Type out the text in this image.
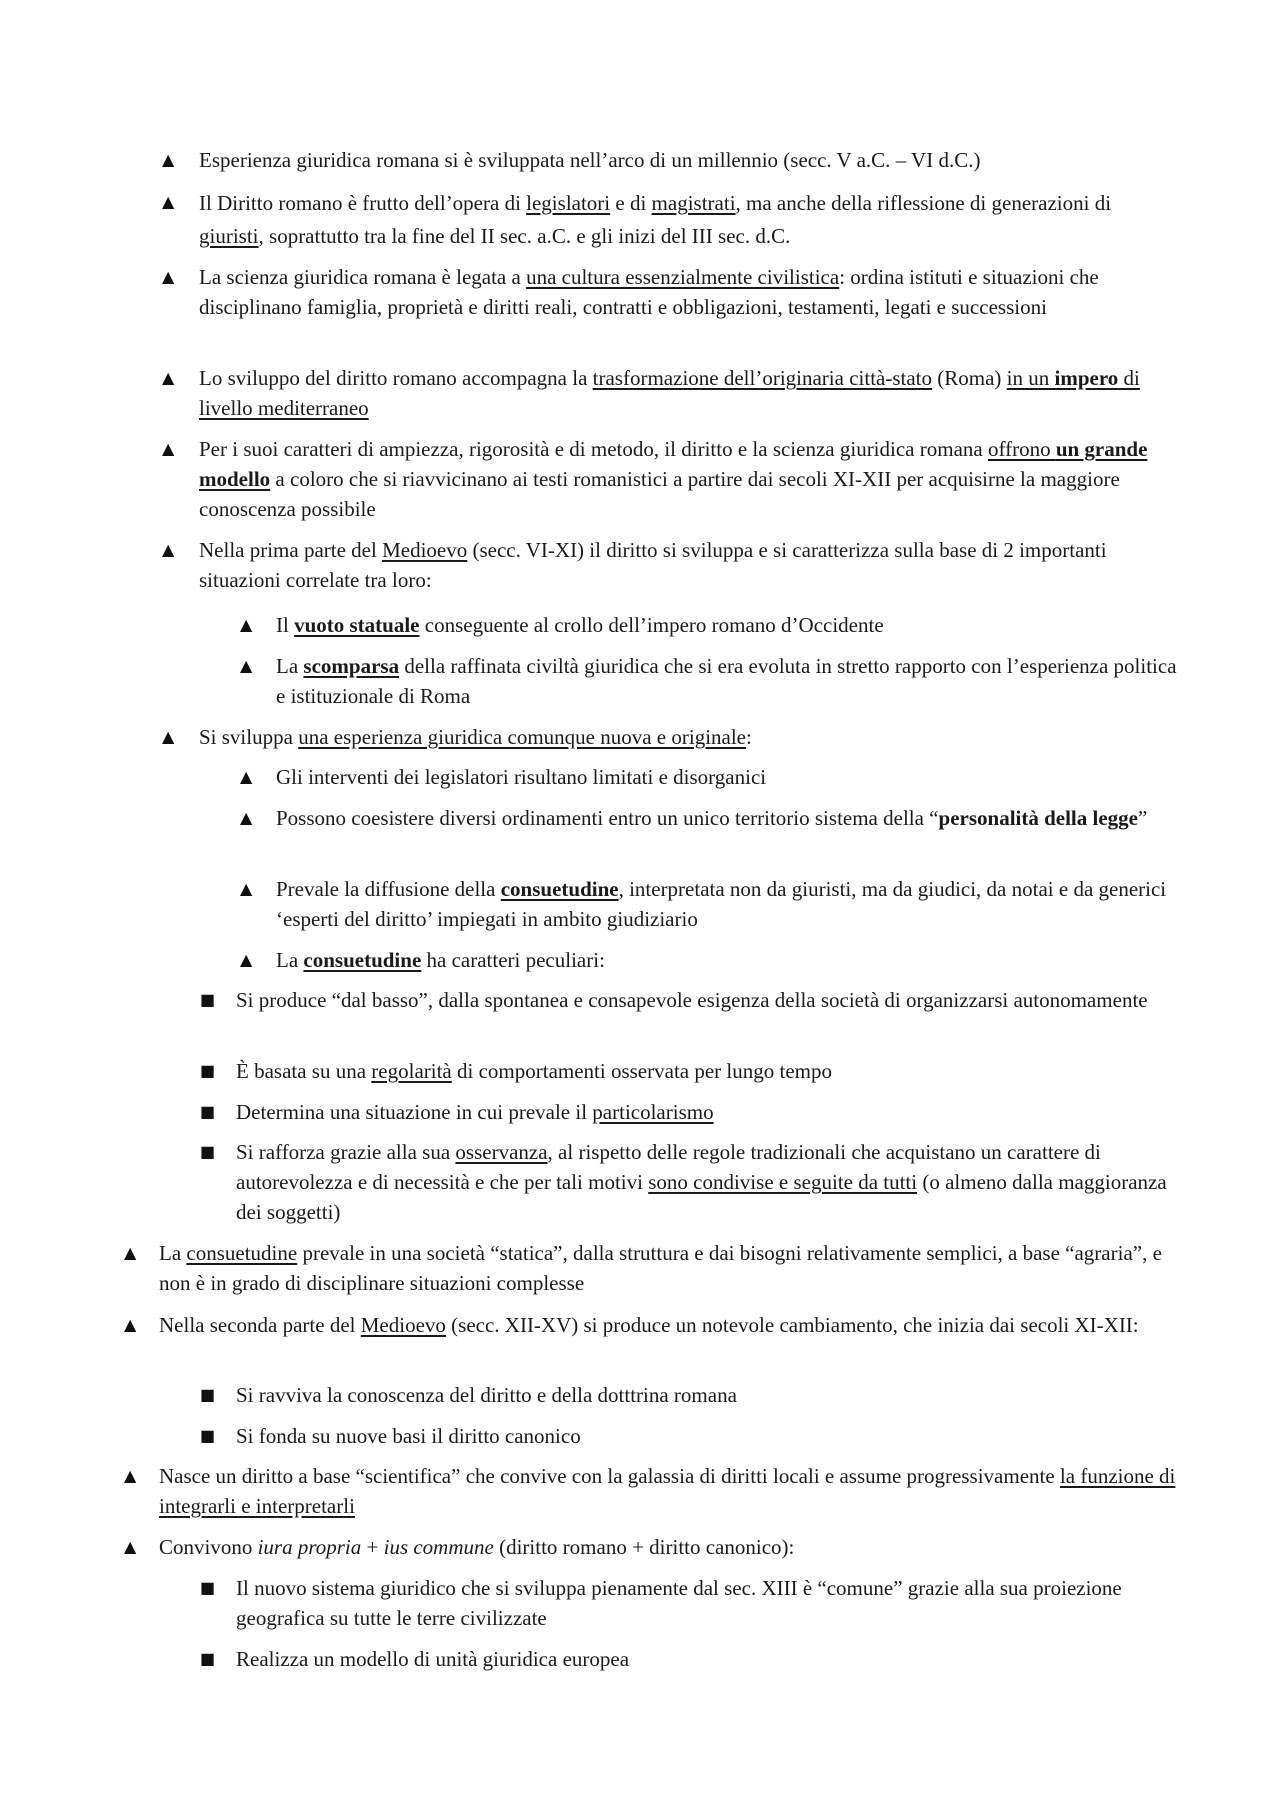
▲ Esperienza giuridica romana si è sviluppata nell’arco di un millennio (secc. V a.C. – VI d.C.)
▲ Il Diritto romano è frutto dell’opera di legislatori e di magistrati, ma anche della riflessione di generazioni di giuristi, soprattutto tra la fine del II sec. a.C. e gli inizi del III sec. d.C.
▲ La scienza giuridica romana è legata a una cultura essenzialmente civilistica: ordina istituti e situazioni che disciplinano famiglia, proprietà e diritti reali, contratti e obbligazioni, testamenti, legati e successioni
▲ Lo sviluppo del diritto romano accompagna la trasformazione dell’originaria città-stato (Roma) in un impero di livello mediterraneo
▲ Per i suoi caratteri di ampiezza, rigorosità e di metodo, il diritto e la scienza giuridica romana offrono un grande modello a coloro che si riavvicinano ai testi romanistici a partire dai secoli XI-XII per acquisirne la maggiore conoscenza possibile
▲ Nella prima parte del Medioevo (secc. VI-XI) il diritto si sviluppa e si caratterizza sulla base di 2 importanti situazioni correlate tra loro:
▲ Il vuoto statuale conseguente al crollo dell’impero romano d’Occidente
▲ La scomparsa della raffinata civiltà giuridica che si era evoluta in stretto rapporto con l’esperienza politica e istituzionale di Roma
▲ Si sviluppa una esperienza giuridica comunque nuova e originale:
▲ Gli interventi dei legislatori risultano limitati e disorganici
▲ Possono coesistere diversi ordinamenti entro un unico territorio sistema della “personalità della legge”
▲ Prevale la diffusione della consuetudine, interpretata non da giuristi, ma da giudici, da notai e da generici ‘esperti del diritto’ impiegati in ambito giudiziario
▲ La consuetudine ha caratteri peculiari:
■ Si produce “dal basso”, dalla spontanea e consapevole esigenza della società di organizzarsi autonomamente
■ È basata su una regolarità di comportamenti osservata per lungo tempo
■ Determina una situazione in cui prevale il particolarismo
■ Si rafforza grazie alla sua osservanza, al rispetto delle regole tradizionali che acquistano un carattere di autorevolezza e di necessità e che per tali motivi sono condivise e seguite da tutti (o almeno dalla maggioranza dei soggetti)
▲ La consuetudine prevale in una società “statica”, dalla struttura e dai bisogni relativamente semplici, a base “agraria”, e non è in grado di disciplinare situazioni complesse
▲ Nella seconda parte del Medioevo (secc. XII-XV) si produce un notevole cambiamento, che inizia dai secoli XI-XII:
■ Si ravviva la conoscenza del diritto e della dotttrina romana
■ Si fonda su nuove basi il diritto canonico
▲ Nasce un diritto a base “scientifica” che convive con la galassia di diritti locali e assume progressivamente la funzione di integrarli e interpretarli
▲ Convivono iura propria + ius commune (diritto romano + diritto canonico):
■ Il nuovo sistema giuridico che si sviluppa pienamente dal sec. XIII è “comune” grazie alla sua proiezione geografica su tutte le terre civilizzate
■ Realizza un modello di unità giuridica europea
